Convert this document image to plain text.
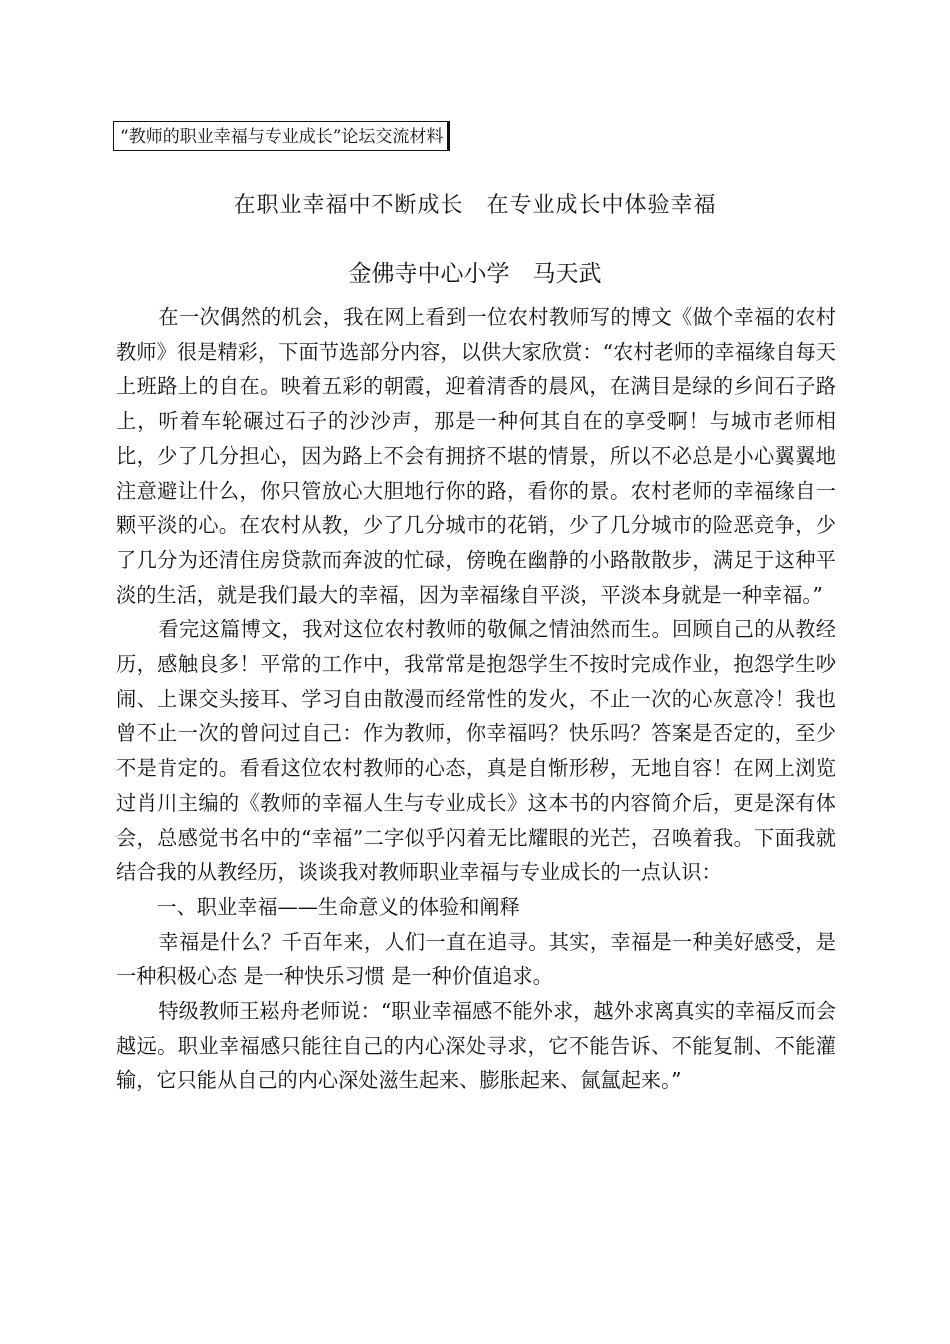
“教师的职业幸福与专业成长”论坛交流材料
在职业幸福中不断成长　在专业成长中体验幸福
金佛寺中心小学　马天武

在一次偶然的机会，我在网上看到一位农村教师写的博文《做个幸福的农村教师》很是精彩，下面节选部分内容，以供大家欣赏：“农村老师的幸福缘自每天上班路上的自在。映着五彩的朝霞，迎着清香的晨风，在满目是绿的乡间石子路上，听着车轮碾过石子的沙沙声，那是一种何其自在的享受啊！与城市老师相比，少了几分担心，因为路上不会有拥挤不堪的情景，所以不必总是小心翼翼地注意避让什么，你只管放心大胆地行你的路，看你的景。农村老师的幸福缘自一颗平淡的心。在农村从教，少了几分城市的花销，少了几分城市的险恶竞争，少了几分为还清住房贷款而奔波的忙碌，傍晚在幽静的小路散散步，满足于这种平淡的生活，就是我们最大的幸福，因为幸福缘自平淡，平淡本身就是一种幸福。”

看完这篇博文，我对这位农村教师的敬佩之情油然而生。回顾自己的从教经历，感触良多！平常的工作中，我常常是抱怨学生不按时完成作业，抱怨学生吵闹、上课交头接耳、学习自由散漫而经常性的发火，不止一次的心灰意冷！我也曾不止一次的曾问过自己：作为教师，你幸福吗？快乐吗？答案是否定的，至少不是肯定的。看看这位农村教师的心态，真是自惭形秽，无地自容！在网上浏览过肖川主编的《教师的幸福人生与专业成长》这本书的内容简介后，更是深有体会，总感觉书名中的“幸福”二字似乎闪着无比耀眼的光芒，召唤着我。下面我就结合我的从教经历，谈谈我对教师职业幸福与专业成长的一点认识：

一、职业幸福——生命意义的体验和阐释

幸福是什么？千百年来，人们一直在追寻。其实，幸福是一种美好感受，是一种积极心态 是一种快乐习惯 是一种价值追求。

特级教师王崧舟老师说：“职业幸福感不能外求，越外求离真实的幸福反而会越远。职业幸福感只能往自己的内心深处寻求，它不能告诉、不能复制、不能灌输，它只能从自己的内心深处滋生起来、膨胀起来、氤氲起来。”
